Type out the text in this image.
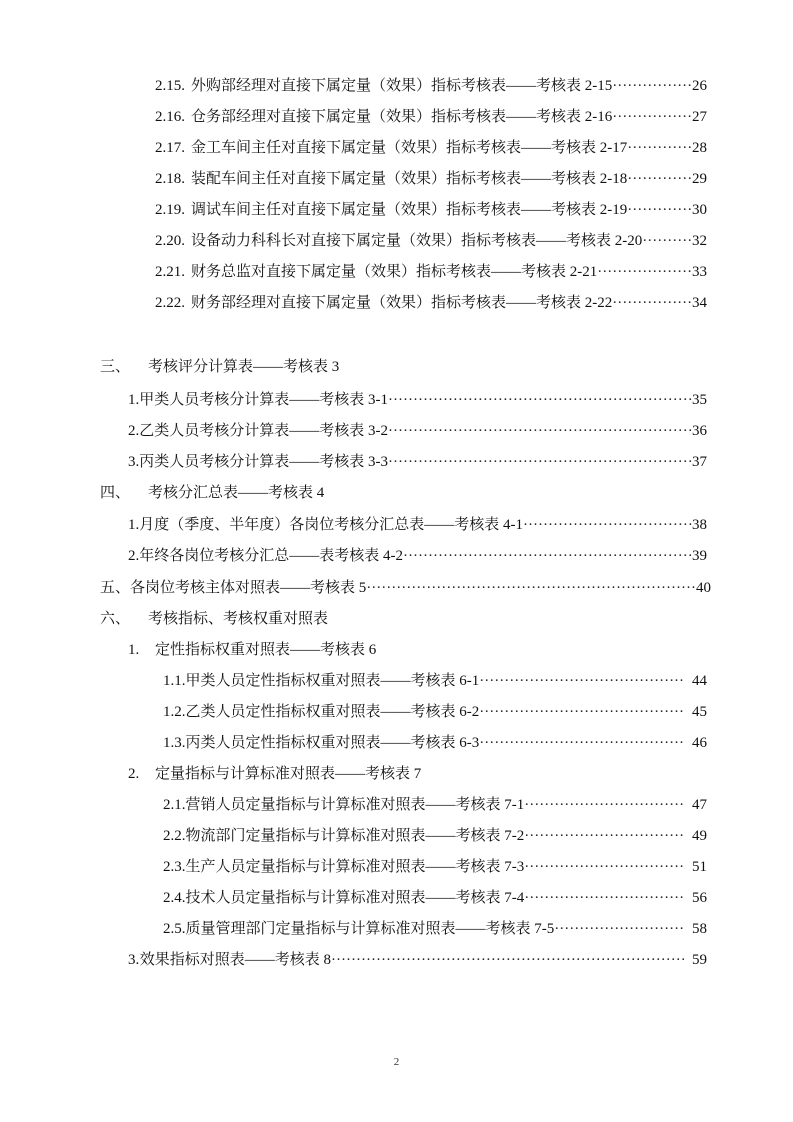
2.15. 外购部经理对直接下属定量（效果）指标考核表——考核表 2-15 ·····	26
2.16. 仓务部经理对直接下属定量（效果）指标考核表——考核表 2-16 ·····	27
2.17. 金工车间主任对直接下属定量（效果）指标考核表——考核表 2-17 ·····	28
2.18. 装配车间主任对直接下属定量（效果）指标考核表——考核表 2-18 ·····	29
2.19. 调试车间主任对直接下属定量（效果）指标考核表——考核表 2-19 ·····	30
2.20. 设备动力科科长对直接下属定量（效果）指标考核表——考核表 2-20 ·····	32
2.21. 财务总监对直接下属定量（效果）指标考核表——考核表 2-21 ·····	33
2.22. 财务部经理对直接下属定量（效果）指标考核表——考核表 2-22 ·····	34
三、	考核评分计算表——考核表 3
1. 甲类人员考核分计算表——考核表 3-1 ·····	35
2. 乙类人员考核分计算表——考核表 3-2 ·····	36
3. 丙类人员考核分计算表——考核表 3-3 ·····	37
四、	考核分汇总表——考核表 4
1. 月度（季度、半年度）各岗位考核分汇总表——考核表 4-1 ·····	38
2. 年终各岗位考核分汇总——表考核表 4-2 ·····	39
五、 各岗位考核主体对照表——考核表 5 ·····	40
六、	考核指标、考核权重对照表
1.	定性指标权重对照表——考核表 6
1.1. 甲类人员定性指标权重对照表——考核表 6-1 ·····	44
1.2. 乙类人员定性指标权重对照表——考核表 6-2 ·····	45
1.3. 丙类人员定性指标权重对照表——考核表 6-3 ·····	46
2.	定量指标与计算标准对照表——考核表 7
2.1. 营销人员定量指标与计算标准对照表——考核表 7-1 ·····	47
2.2. 物流部门定量指标与计算标准对照表——考核表 7-2 ·····	49
2.3. 生产人员定量指标与计算标准对照表——考核表 7-3 ·····	51
2.4. 技术人员定量指标与计算标准对照表——考核表 7-4 ·····	56
2.5. 质量管理部门定量指标与计算标准对照表——考核表 7-5 ·····	58
3. 效果指标对照表——考核表 8 ·····	59
2
